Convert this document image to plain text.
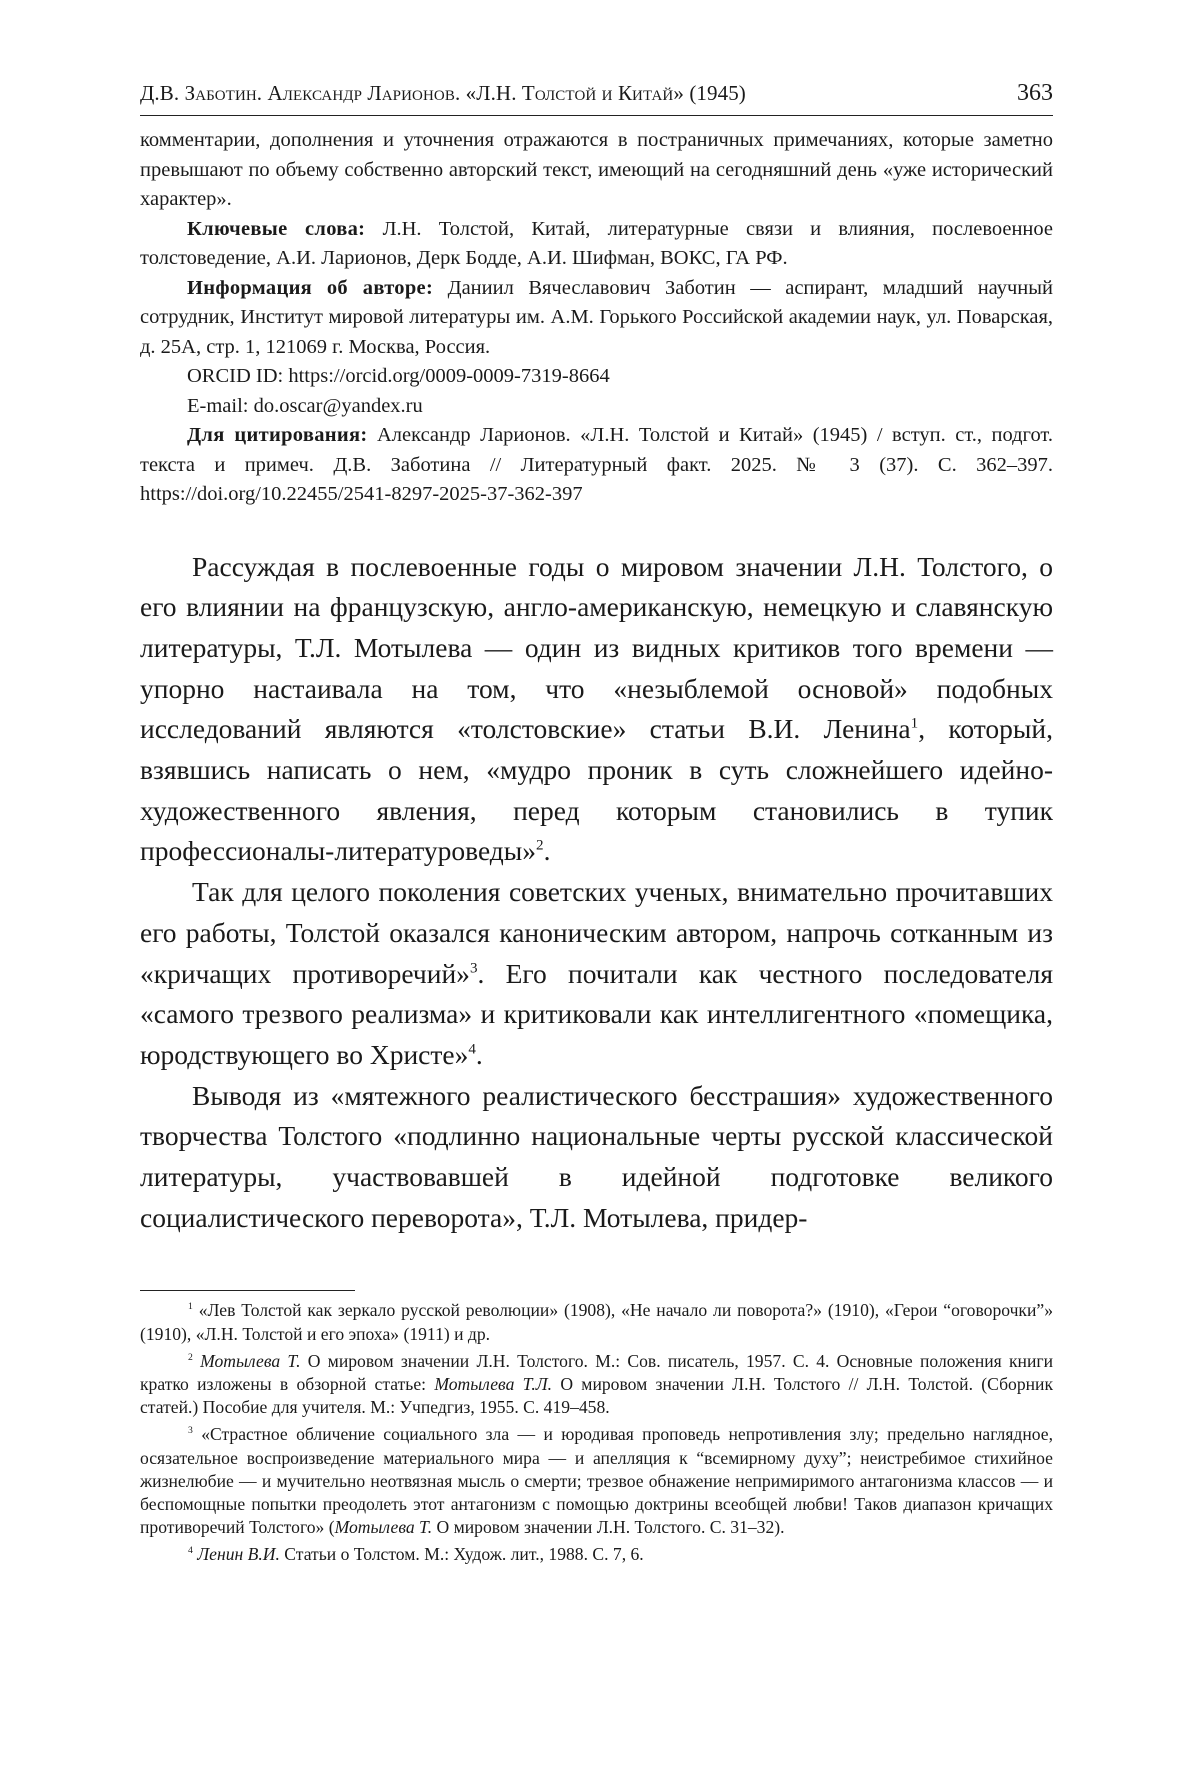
Д.В. Заботин. Александр Ларионов. «Л.Н. Толстой и Китай» (1945)	363

комментарии, дополнения и уточнения отражаются в постраничных примечаниях, которые заметно превышают по объему собственно авторский текст, имеющий на сегодняшний день «уже исторический характер».

Ключевые слова: Л.Н. Толстой, Китай, литературные связи и влияния, послевоенное толстоведение, А.И. Ларионов, Дерк Бодде, А.И. Шифман, ВОКС, ГА РФ.

Информация об авторе: Даниил Вячеславович Заботин — аспирант, младший научный сотрудник, Институт мировой литературы им. А.М. Горького Российской академии наук, ул. Поварская, д. 25А, стр. 1, 121069 г. Москва, Россия.

ORCID ID: https://orcid.org/0009-0009-7319-8664

E-mail: do.oscar@yandex.ru

Для цитирования: Александр Ларионов. «Л.Н. Толстой и Китай» (1945) / вступ. ст., подгот. текста и примеч. Д.В. Заботина // Литературный факт. 2025. № 3 (37). С. 362–397. https://doi.org/10.22455/2541-8297-2025-37-362-397

Рассуждая в послевоенные годы о мировом значении Л.Н. Толстого, о его влиянии на французскую, англо-американскую, немецкую и славянскую литературы, Т.Л. Мотылева — один из видных критиков того времени — упорно настаивала на том, что «незыблемой основой» подобных исследований являются «толстовские» статьи В.И. Ленина$^1$, который, взявшись написать о нем, «мудро проник в суть сложнейшего идейно-художественного явления, перед которым становились в тупик профессионалы-литературоведы»$^2$.

Так для целого поколения советских ученых, внимательно прочитавших его работы, Толстой оказался каноническим автором, напрочь сотканным из «кричащих противоречий»$^3$. Его почитали как честного последователя «самого трезвого реализма» и критиковали как интеллигентного «помещика, юродствующего во Христе»$^4$.

Выводя из «мятежного реалистического бесстрашия» художественного творчества Толстого «подлинно национальные черты русской классической литературы, участвовавшей в идейной подготовке великого социалистического переворота», Т.Л. Мотылева, придер-

$^1$ «Лев Толстой как зеркало русской революции» (1908), «Не начало ли поворота?» (1910), «Герои “оговорочки”» (1910), «Л.Н. Толстой и его эпоха» (1911) и др.

$^2$ Мотылева Т. О мировом значении Л.Н. Толстого. М.: Сов. писатель, 1957. С. 4. Основные положения книги кратко изложены в обзорной статье: Мотылева Т.Л. О мировом значении Л.Н. Толстого // Л.Н. Толстой. (Сборник статей.) Пособие для учителя. М.: Учпедгиз, 1955. С. 419–458.

$^3$ «Страстное обличение социального зла — и юродивая проповедь непротивления злу; предельно наглядное, осязательное воспроизведение материального мира — и апелляция к “всемирному духу”; неистребимое стихийное жизнелюбие — и мучительно неотвязная мысль о смерти; трезвое обнажение непримиримого антагонизма классов — и беспомощные попытки преодолеть этот антагонизм с помощью доктрины всеобщей любви! Таков диапазон кричащих противоречий Толстого» (Мотылева Т. О мировом значении Л.Н. Толстого. С. 31–32).

$^4$ Ленин В.И. Статьи о Толстом. М.: Худож. лит., 1988. С. 7, 6.
